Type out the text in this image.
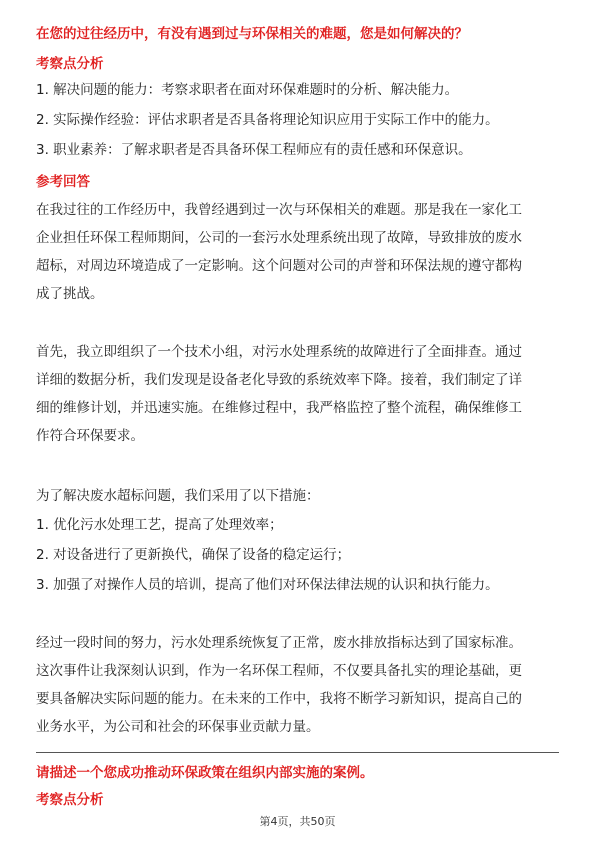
在您的过往经历中，有没有遇到过与环保相关的难题，您是如何解决的？
考察点分析
1. 解决问题的能力：考察求职者在面对环保难题时的分析、解决能力。
2. 实际操作经验：评估求职者是否具备将理论知识应用于实际工作中的能力。
3. 职业素养：了解求职者是否具备环保工程师应有的责任感和环保意识。
参考回答
在我过往的工作经历中，我曾经遇到过一次与环保相关的难题。那是我在一家化工
企业担任环保工程师期间，公司的一套污水处理系统出现了故障，导致排放的废水
超标，对周边环境造成了一定影响。这个问题对公司的声誉和环保法规的遵守都构
成了挑战。
首先，我立即组织了一个技术小组，对污水处理系统的故障进行了全面排查。通过
详细的数据分析，我们发现是设备老化导致的系统效率下降。接着，我们制定了详
细的维修计划，并迅速实施。在维修过程中，我严格监控了整个流程，确保维修工
作符合环保要求。
为了解决废水超标问题，我们采用了以下措施：
1. 优化污水处理工艺，提高了处理效率；
2. 对设备进行了更新换代，确保了设备的稳定运行；
3. 加强了对操作人员的培训，提高了他们对环保法律法规的认识和执行能力。
经过一段时间的努力，污水处理系统恢复了正常，废水排放指标达到了国家标准。
这次事件让我深刻认识到，作为一名环保工程师，不仅要具备扎实的理论基础，更
要具备解决实际问题的能力。在未来的工作中，我将不断学习新知识，提高自己的
业务水平，为公司和社会的环保事业贡献力量。
请描述一个您成功推动环保政策在组织内部实施的案例。
考察点分析
第4页，共50页
